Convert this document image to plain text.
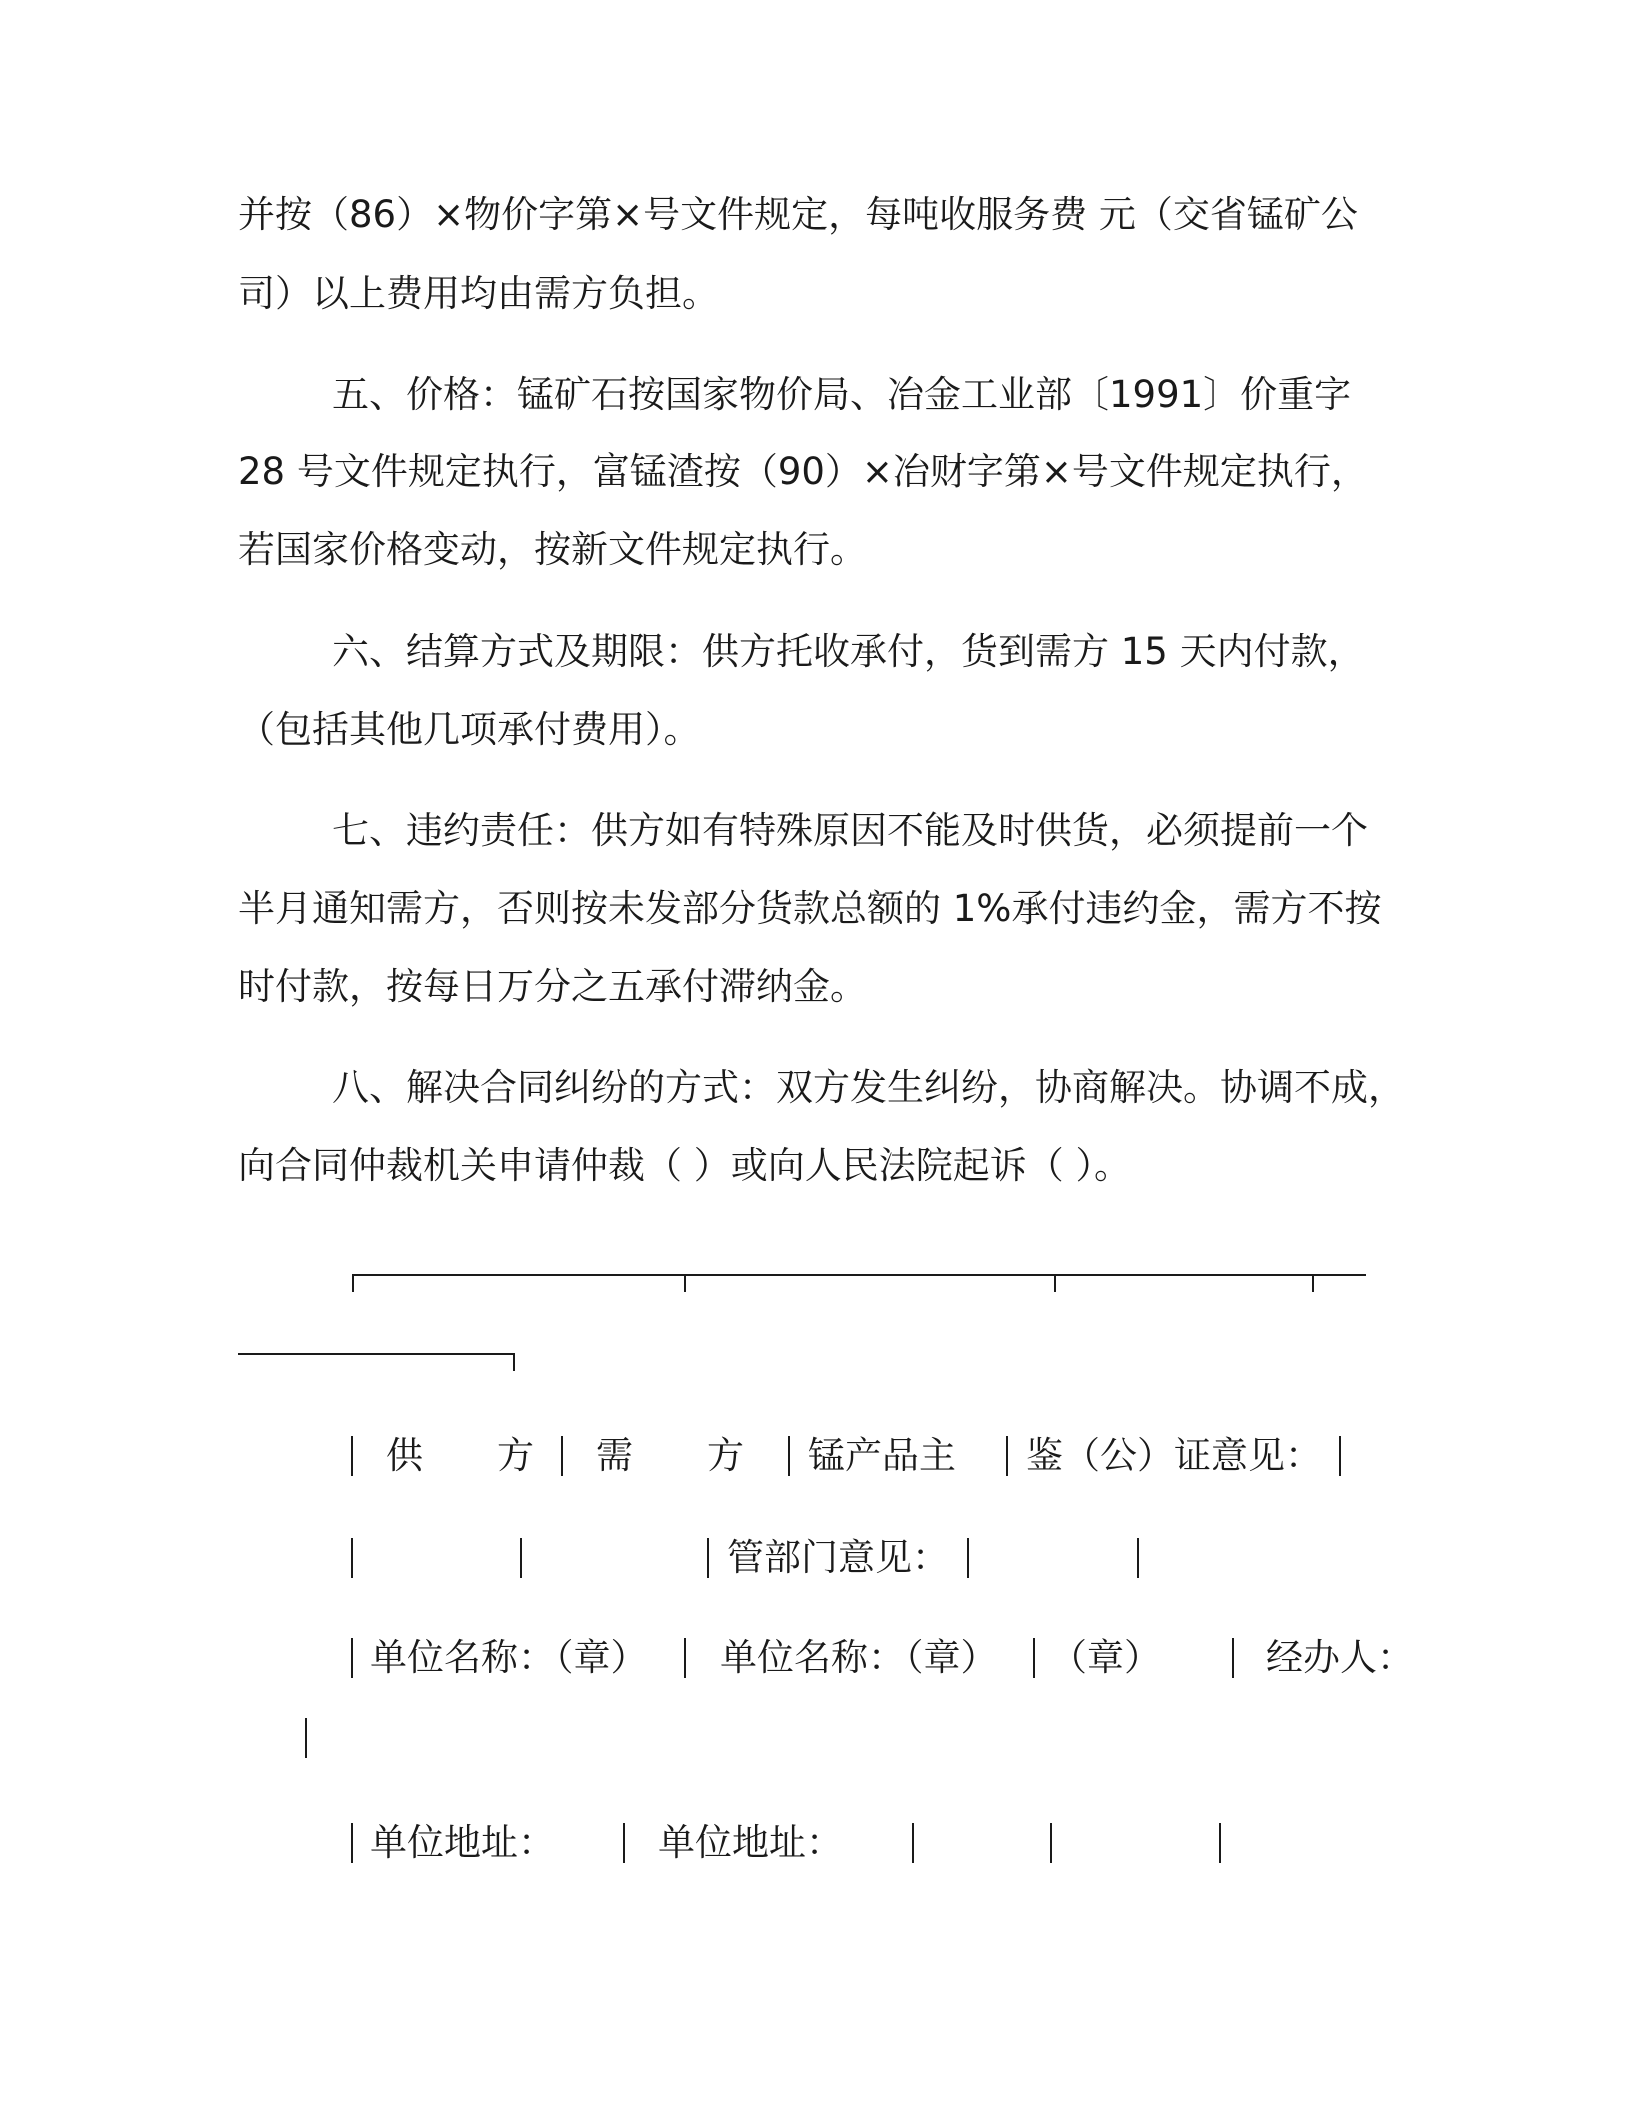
并按（86）×物价字第×号文件规定，每吨收服务费 元（交省锰矿公
司）以上费用均由需方负担。
五、价格：锰矿石按国家物价局、冶金工业部〔1991〕价重字
28 号文件规定执行，富锰渣按（90）×冶财字第×号文件规定执行，
若国家价格变动，按新文件规定执行。
六、结算方式及期限：供方托收承付，货到需方 15 天内付款，
（包括其他几项承付费用）。
七、违约责任：供方如有特殊原因不能及时供货，必须提前一个
半月通知需方，否则按未发部分货款总额的 1%承付违约金，需方不按
时付款，按每日万分之五承付滞纳金。
八、解决合同纠纷的方式：双方发生纠纷，协商解决。协调不成，
向合同仲裁机关申请仲裁（ ）或向人民法院起诉（ ）。
供　　方 需　　方 锰产品主 鉴（公）证意见：
管部门意见：
单位名称：（章） 单位名称：（章） （章）	经办人：
单位地址：	单位地址：
